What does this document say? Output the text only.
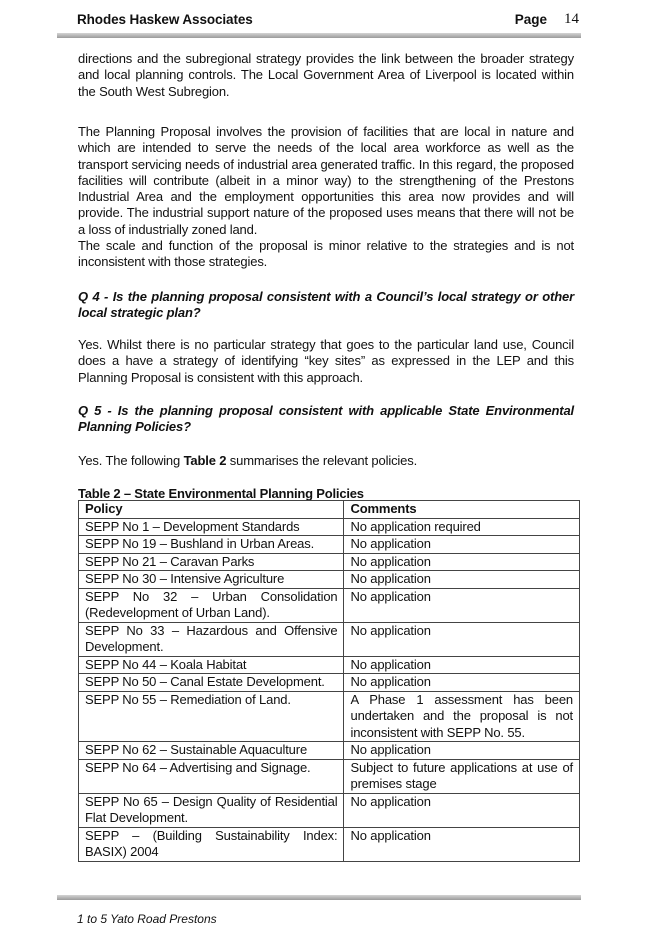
Rhodes Haskew Associates	Page 14

directions and the subregional strategy provides the link between the broader strategy and local planning controls. The Local Government Area of Liverpool is located within the South West Subregion.

The Planning Proposal involves the provision of facilities that are local in nature and which are intended to serve the needs of the local area workforce as well as the transport servicing needs of industrial area generated traffic. In this regard, the proposed facilities will contribute (albeit in a minor way) to the strengthening of the Prestons Industrial Area and the employment opportunities this area now provides and will provide. The industrial support nature of the proposed uses means that there will not be a loss of industrially zoned land.

The scale and function of the proposal is minor relative to the strategies and is not inconsistent with those strategies.

Q 4 - Is the planning proposal consistent with a Council’s local strategy or other local strategic plan?

Yes. Whilst there is no particular strategy that goes to the particular land use, Council does a have a strategy of identifying “key sites” as expressed in the LEP and this Planning Proposal is consistent with this approach.

Q 5 - Is the planning proposal consistent with applicable State Environmental Planning Policies?

Yes. The following Table 2 summarises the relevant policies.

Table 2 – State Environmental Planning Policies
Policy	Comments
SEPP No 1 – Development Standards	No application required
SEPP No 19 – Bushland in Urban Areas.	No application
SEPP No 21 – Caravan Parks	No application
SEPP No 30 – Intensive Agriculture	No application
SEPP No 32 – Urban Consolidation (Redevelopment of Urban Land).	No application
SEPP No 33 – Hazardous and Offensive Development.	No application
SEPP No 44 – Koala Habitat	No application
SEPP No 50 – Canal Estate Development.	No application
SEPP No 55 – Remediation of Land.	A Phase 1 assessment has been undertaken and the proposal is not inconsistent with SEPP No. 55.
SEPP No 62 – Sustainable Aquaculture	No application
SEPP No 64 – Advertising and Signage.	Subject to future applications at use of premises stage
SEPP No 65 – Design Quality of Residential Flat Development.	No application
SEPP – (Building Sustainability Index: BASIX) 2004	No application
1 to 5 Yato Road Prestons
